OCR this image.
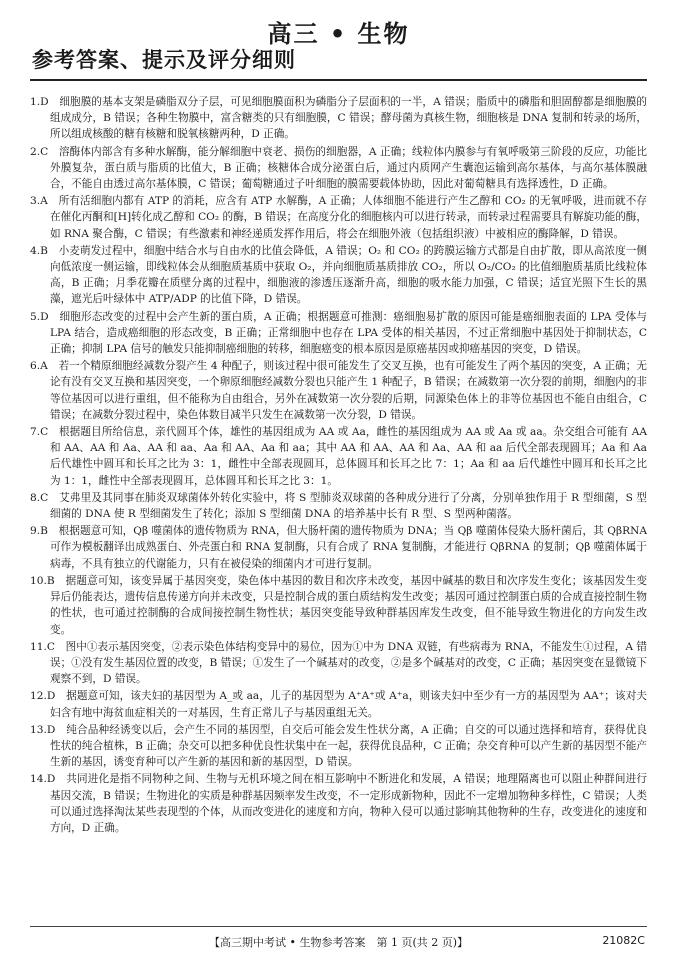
高三 • 生物
参考答案、提示及评分细则

1.D　细胞膜的基本支架是磷脂双分子层，可见细胞膜面积为磷脂分子层面积的一半，A 错误；脂质中的磷脂和胆固醇都是细胞膜的组成成分，B 错误；各种生物膜中，富含糖类的只有细胞膜，C 错误；酵母菌为真核生物，细胞核是 DNA 复制和转录的场所，所以组成核酸的糖有核糖和脱氧核糖两种，D 正确。

2.C　溶酶体内部含有多种水解酶，能分解细胞中衰老、损伤的细胞器，A 正确；线粒体内膜参与有氧呼吸第三阶段的反应，功能比外膜复杂，蛋白质与脂质的比值大，B 正确；核糖体合成分泌蛋白后，通过内质网产生囊泡运输到高尔基体，与高尔基体膜融合，不能自由透过高尔基体膜，C 错误；葡萄糖通过子叶细胞的膜需要载体协助，因此对葡萄糖具有选择透性，D 正确。

3.A　所有活细胞内都有 ATP 的消耗，应含有 ATP 水解酶，A 正确；人体细胞不能进行产生乙醇和 CO₂ 的无氧呼吸，进而就不存在催化丙酮和[H]转化成乙醇和 CO₂ 的酶，B 错误；在高度分化的细胞核内可以进行转录，而转录过程需要具有解旋功能的酶，如 RNA 聚合酶，C 错误；有些激素和神经递质发挥作用后，将会在细胞外液（包括组织液）中被相应的酶降解，D 错误。

4.B　小麦萌发过程中，细胞中结合水与自由水的比值会降低，A 错误；O₂ 和 CO₂ 的跨膜运输方式都是自由扩散，即从高浓度一侧向低浓度一侧运输，即线粒体会从细胞质基质中获取 O₂，并向细胞质基质排放 CO₂，所以 O₂/CO₂ 的比值细胞质基质比线粒体高，B 正确；月季花瓣在质壁分离的过程中，细胞液的渗透压逐渐升高，细胞的吸水能力加强，C 错误；适宜光照下生长的黑藻，遮光后叶绿体中 ATP/ADP 的比值下降，D 错误。

5.D　细胞形态改变的过程中会产生新的蛋白质，A 正确；根据题意可推测：癌细胞易扩散的原因可能是癌细胞表面的 LPA 受体与 LPA 结合，造成癌细胞的形态改变，B 正确；正常细胞中也存在 LPA 受体的相关基因，不过正常细胞中基因处于抑制状态，C 正确；抑制 LPA 信号的触发只能抑制癌细胞的转移，细胞癌变的根本原因是原癌基因或抑癌基因的突变，D 错误。

6.A　若一个精原细胞经减数分裂产生 4 种配子，则该过程中很可能发生了交叉互换，也有可能发生了两个基因的突变，A 正确；无论有没有交叉互换和基因突变，一个卵原细胞经减数分裂也只能产生 1 种配子，B 错误；在减数第一次分裂的前期，细胞内的非等位基因可以进行重组，但不能称为自由组合，另外在减数第一次分裂的后期，同源染色体上的非等位基因也不能自由组合，C 错误；在减数分裂过程中，染色体数目减半只发生在减数第一次分裂，D 错误。

7.C　根据题目所给信息，亲代圆耳个体，雄性的基因组成为 AA 或 Aa，雌性的基因组成为 AA 或 Aa 或 aa。杂交组合可能有 AA 和 AA、AA 和 Aa、AA 和 aa、Aa 和 AA、Aa 和 aa；其中 AA 和 AA、AA 和 Aa、AA 和 aa 后代全部表现圆耳；Aa 和 Aa 后代雄性中圆耳和长耳之比为 3：1，雌性中全部表现圆耳，总体圆耳和长耳之比 7：1；Aa 和 aa 后代雄性中圆耳和长耳之比为 1：1，雌性中全部表现圆耳，总体圆耳和长耳之比 3：1。

8.C　艾弗里及其同事在肺炎双球菌体外转化实验中，将 S 型肺炎双球菌的各种成分进行了分离，分别单独作用于 R 型细菌，S 型细菌的 DNA 使 R 型细菌发生了转化；添加 S 型细菌 DNA 的培养基中长有 R 型、S 型两种菌落。

9.B　根据题意可知，Qβ 噬菌体的遗传物质为 RNA，但大肠杆菌的遗传物质为 DNA；当 Qβ 噬菌体侵染大肠杆菌后，其 QβRNA 可作为模板翻译出成熟蛋白、外壳蛋白和 RNA 复制酶，只有合成了 RNA 复制酶，才能进行 QβRNA 的复制；Qβ 噬菌体属于病毒，不具有独立的代谢能力，只有在被侵染的细菌内才可进行复制。

10.B　据题意可知，该变异属于基因突变，染色体中基因的数目和次序未改变，基因中碱基的数目和次序发生变化；该基因发生变异后仍能表达，遗传信息传递方向并未改变，只是控制合成的蛋白质结构发生改变；基因可通过控制蛋白质的合成直接控制生物的性状，也可通过控制酶的合成间接控制生物性状；基因突变能导致种群基因库发生改变，但不能导致生物进化的方向发生改变。

11.C　图中①表示基因突变，②表示染色体结构变异中的易位，因为①中为 DNA 双链，有些病毒为 RNA，不能发生①过程，A 错误；①没有发生基因位置的改变，B 错误；①发生了一个碱基对的改变，②是多个碱基对的改变，C 正确；基因突变在显微镜下观察不到，D 错误。

12.D　据题意可知，该夫妇的基因型为 A_或 aa，儿子的基因型为 A⁺A⁺或 A⁺a，则该夫妇中至少有一方的基因型为 AA⁺；该对夫妇含有地中海贫血症相关的一对基因，生育正常儿子与基因重组无关。

13.D　纯合品种经诱变以后，会产生不同的基因型，自交后可能会发生性状分离，A 正确；自交的可以通过选择和培育，获得优良性状的纯合植株，B 正确；杂交可以把多种优良性状集中在一起，获得优良品种，C 正确；杂交育种可以产生新的基因型不能产生新的基因，诱变育种可以产生新的基因和新的基因型，D 错误。

14.D　共同进化是指不同物种之间、生物与无机环境之间在相互影响中不断进化和发展，A 错误；地理隔离也可以阻止种群间进行基因交流，B 错误；生物进化的实质是种群基因频率发生改变，不一定形成新物种，因此不一定增加物种多样性，C 错误；人类可以通过选择淘汰某些表现型的个体，从而改变进化的速度和方向，物种入侵可以通过影响其他物种的生存，改变进化的速度和方向，D 正确。

【高三期中考试 • 生物参考答案　第 1 页(共 2 页)】	21082C
